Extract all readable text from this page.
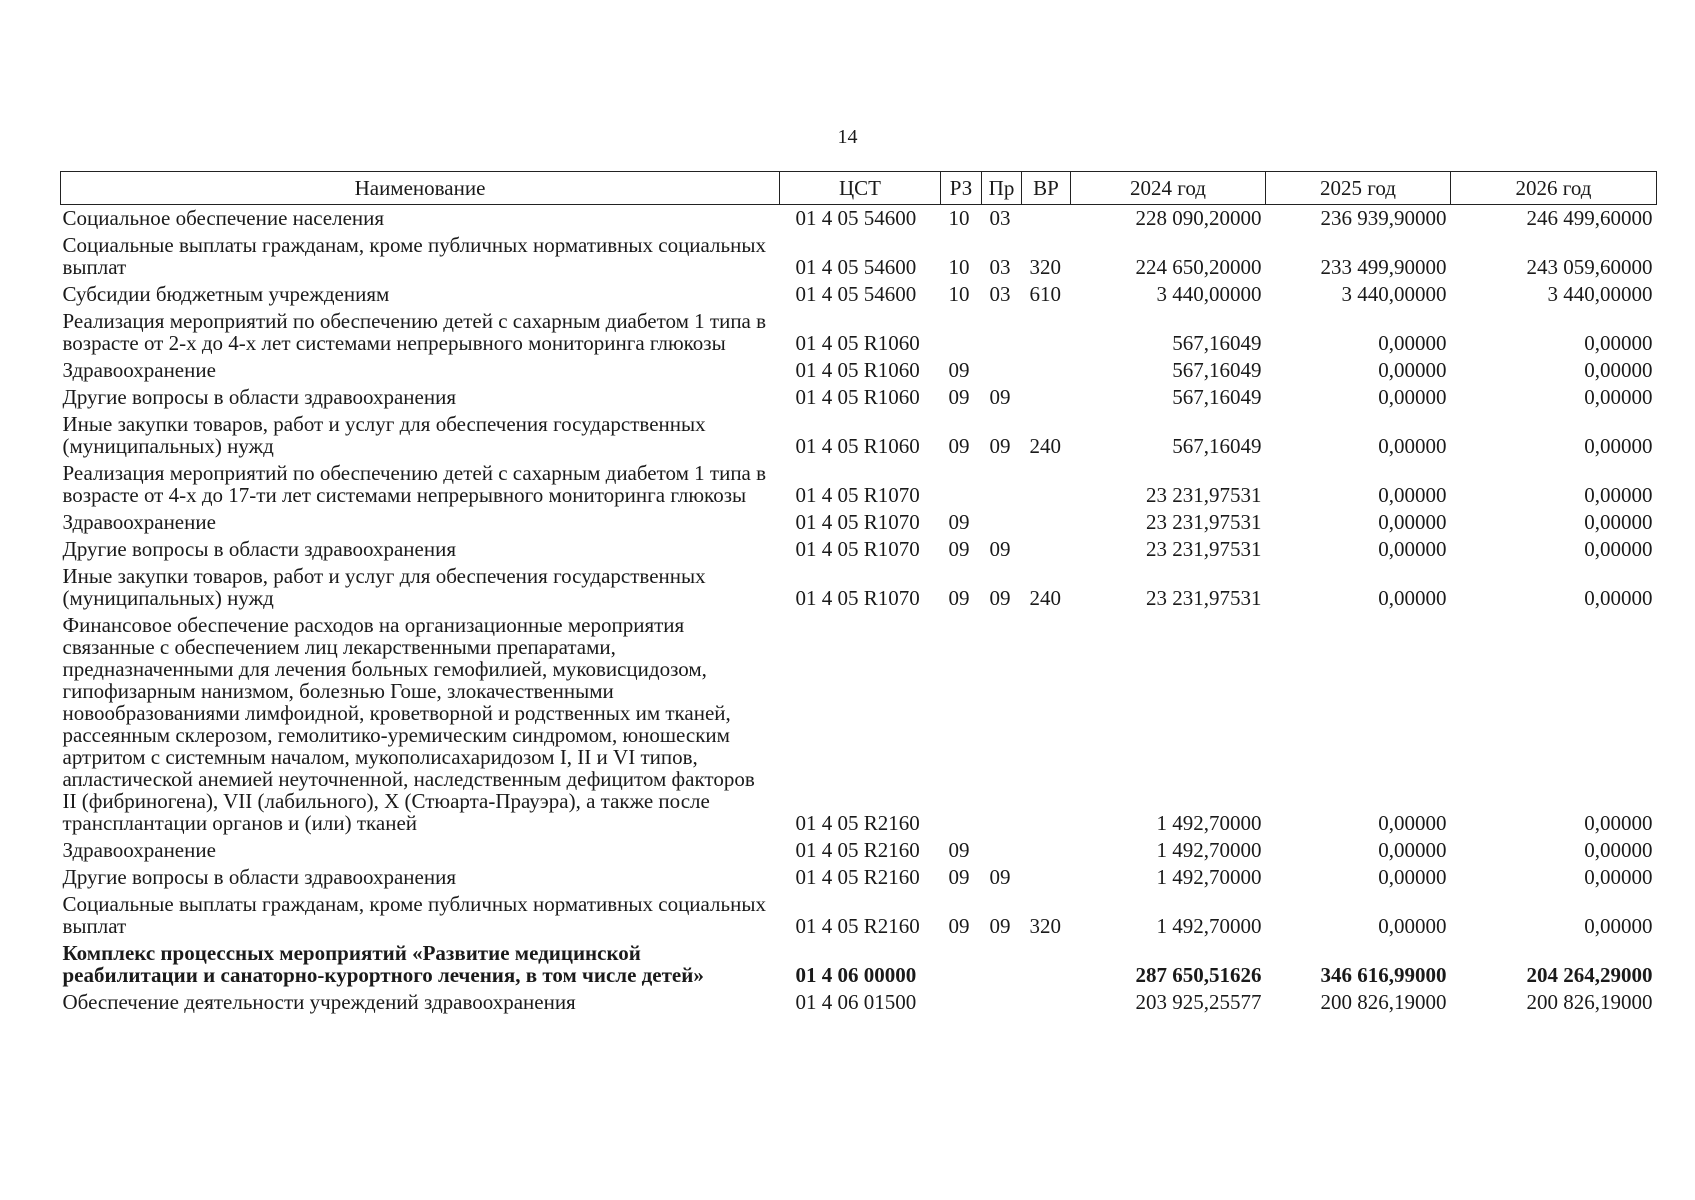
14
Наименование	ЦСТ	РЗ	Пр	ВР	2024 год	2025 год	2026 год
Социальное обеспечение населения	01 4 05 54600	10	03		228 090,20000	236 939,90000	246 499,60000
Социальные выплаты гражданам, кроме публичных нормативных социальных выплат	01 4 05 54600	10	03	320	224 650,20000	233 499,90000	243 059,60000
Субсидии бюджетным учреждениям	01 4 05 54600	10	03	610	3 440,00000	3 440,00000	3 440,00000
Реализация мероприятий по обеспечению детей с сахарным диабетом 1 типа в возрасте от 2-х до 4-х лет системами непрерывного мониторинга глюкозы	01 4 05 R1060				567,16049	0,00000	0,00000
Здравоохранение	01 4 05 R1060	09			567,16049	0,00000	0,00000
Другие вопросы в области здравоохранения	01 4 05 R1060	09	09		567,16049	0,00000	0,00000
Иные закупки товаров, работ и услуг для обеспечения государственных (муниципальных) нужд	01 4 05 R1060	09	09	240	567,16049	0,00000	0,00000
Реализация мероприятий по обеспечению детей с сахарным диабетом 1 типа в возрасте от 4-х до 17-ти лет системами непрерывного мониторинга глюкозы	01 4 05 R1070				23 231,97531	0,00000	0,00000
Здравоохранение	01 4 05 R1070	09			23 231,97531	0,00000	0,00000
Другие вопросы в области здравоохранения	01 4 05 R1070	09	09		23 231,97531	0,00000	0,00000
Иные закупки товаров, работ и услуг для обеспечения государственных (муниципальных) нужд	01 4 05 R1070	09	09	240	23 231,97531	0,00000	0,00000
Финансовое обеспечение расходов на организационные мероприятия связанные с обеспечением лиц лекарственными препаратами, предназначенными для лечения больных гемофилией, муковисцидозом, гипофизарным нанизмом, болезнью Гоше, злокачественными новообразованиями лимфоидной, кроветворной и родственных им тканей, рассеянным склерозом, гемолитико-уремическим синдромом, юношеским артритом с системным началом, мукополисахаридозом I, II и VI типов, апластической анемией неуточненной, наследственным дефицитом факторов II (фибриногена), VII (лабильного), X (Стюарта-Прауэра), а также после трансплантации органов и (или) тканей	01 4 05 R2160				1 492,70000	0,00000	0,00000
Здравоохранение	01 4 05 R2160	09			1 492,70000	0,00000	0,00000
Другие вопросы в области здравоохранения	01 4 05 R2160	09	09		1 492,70000	0,00000	0,00000
Социальные выплаты гражданам, кроме публичных нормативных социальных выплат	01 4 05 R2160	09	09	320	1 492,70000	0,00000	0,00000
Комплекс процессных мероприятий «Развитие медицинской реабилитации и санаторно-курортного лечения, в том числе детей»	01 4 06 00000				287 650,51626	346 616,99000	204 264,29000
Обеспечение деятельности учреждений здравоохранения	01 4 06 01500				203 925,25577	200 826,19000	200 826,19000
